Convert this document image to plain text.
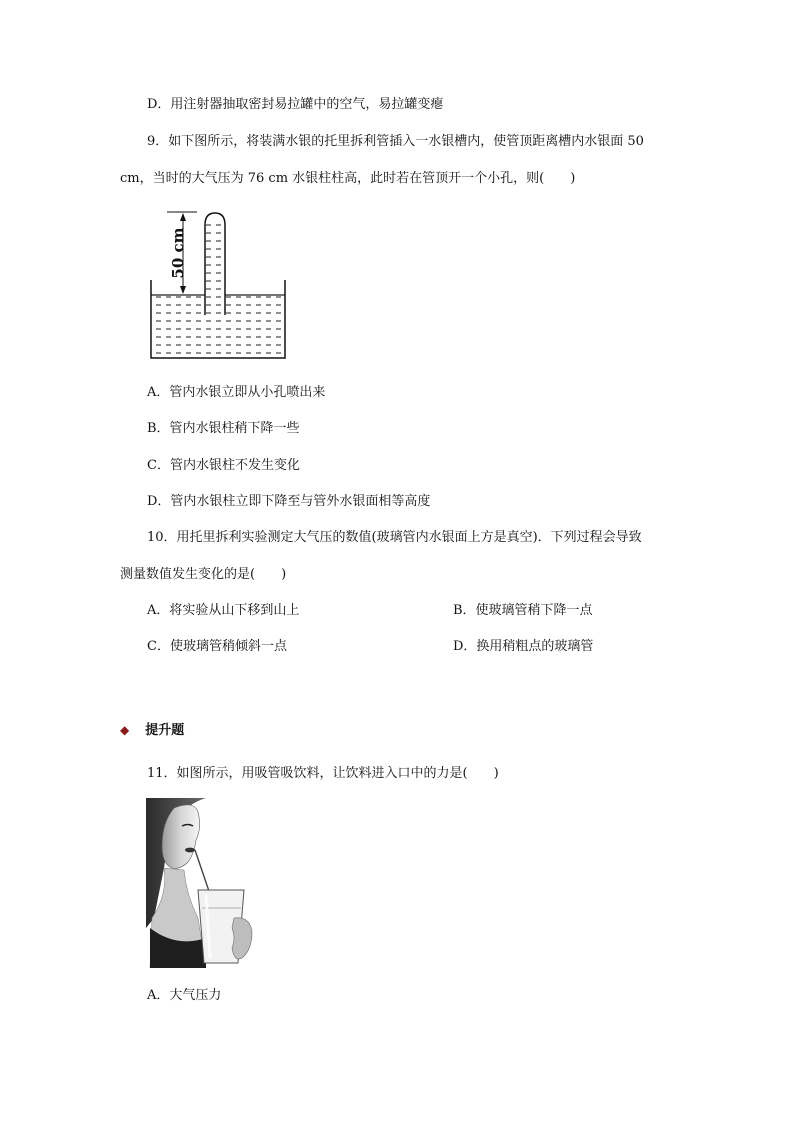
D．用注射器抽取密封易拉罐中的空气，易拉罐变瘪
9．如下图所示，将装满水银的托里拆利管插入一水银槽内，使管顶距离槽内水银面 50
cm，当时的大气压为 76 cm 水银柱柱高，此时若在管顶开一个小孔，则(　　)
50 cm
A．管内水银立即从小孔喷出来
B．管内水银柱稍下降一些
C．管内水银柱不发生变化
D．管内水银柱立即下降至与管外水银面相等高度
10．用托里拆利实验测定大气压的数值(玻璃管内水银面上方是真空)．下列过程会导致
测量数值发生变化的是(　　)
A．将实验从山下移到山上	B．使玻璃管稍下降一点
C．使玻璃管稍倾斜一点	D．换用稍粗点的玻璃管
◆ 提升题
11．如图所示，用吸管吸饮料，让饮料进入口中的力是(　　)
A．大气压力
